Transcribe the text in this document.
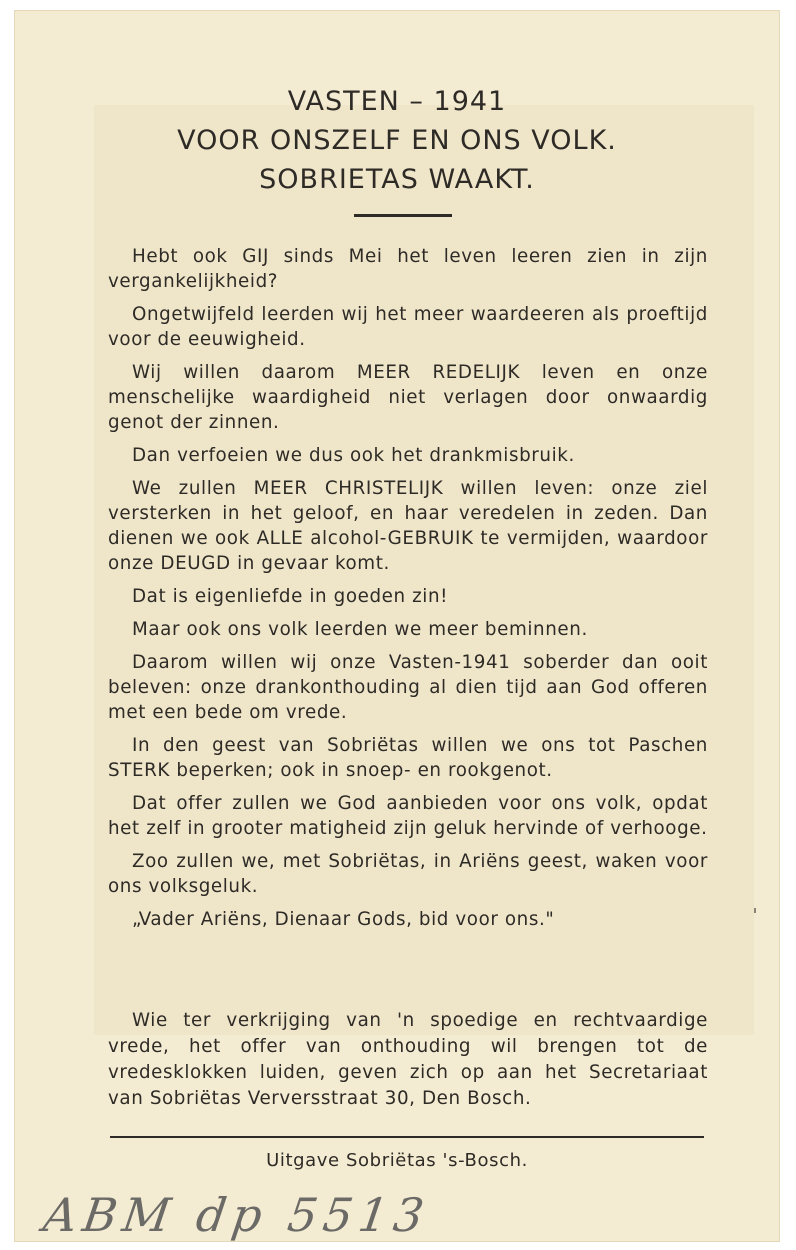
VASTEN – 1941
VOOR ONSZELF EN ONS VOLK.
SOBRIETAS WAAKT.

Hebt ook GIJ sinds Mei het leven leeren zien in zijn vergankelijkheid?

Ongetwijfeld leerden wij het meer waardeeren als proeftijd voor de eeuwigheid.

Wij willen daarom MEER REDELIJK leven en onze menschelijke waardigheid niet verlagen door onwaardig genot der zinnen.

Dan verfoeien we dus ook het drankmisbruik.

We zullen MEER CHRISTELIJK willen leven: onze ziel versterken in het geloof, en haar veredelen in zeden. Dan dienen we ook ALLE alcohol-GEBRUIK te vermijden, waardoor onze DEUGD in gevaar komt.

Dat is eigenliefde in goeden zin!

Maar ook ons volk leerden we meer beminnen.

Daarom willen wij onze Vasten-1941 soberder dan ooit beleven: onze drankonthouding al dien tijd aan God offeren met een bede om vrede.

In den geest van Sobriëtas willen we ons tot Paschen STERK beperken; ook in snoep- en rookgenot.

Dat offer zullen we God aanbieden voor ons volk, opdat het zelf in grooter matigheid zijn geluk hervinde of verhooge.

Zoo zullen we, met Sobriëtas, in Ariëns geest, waken voor ons volksgeluk.

„Vader Ariëns, Dienaar Gods, bid voor ons."

Wie ter verkrijging van 'n spoedige en rechtvaardige vrede, het offer van onthouding wil brengen tot de vredesklokken luiden, geven zich op aan het Secretariaat van Sobriëtas Verversstraat 30, Den Bosch.
Uitgave Sobriëtas 's-Bosch.
ABM dp 5513
